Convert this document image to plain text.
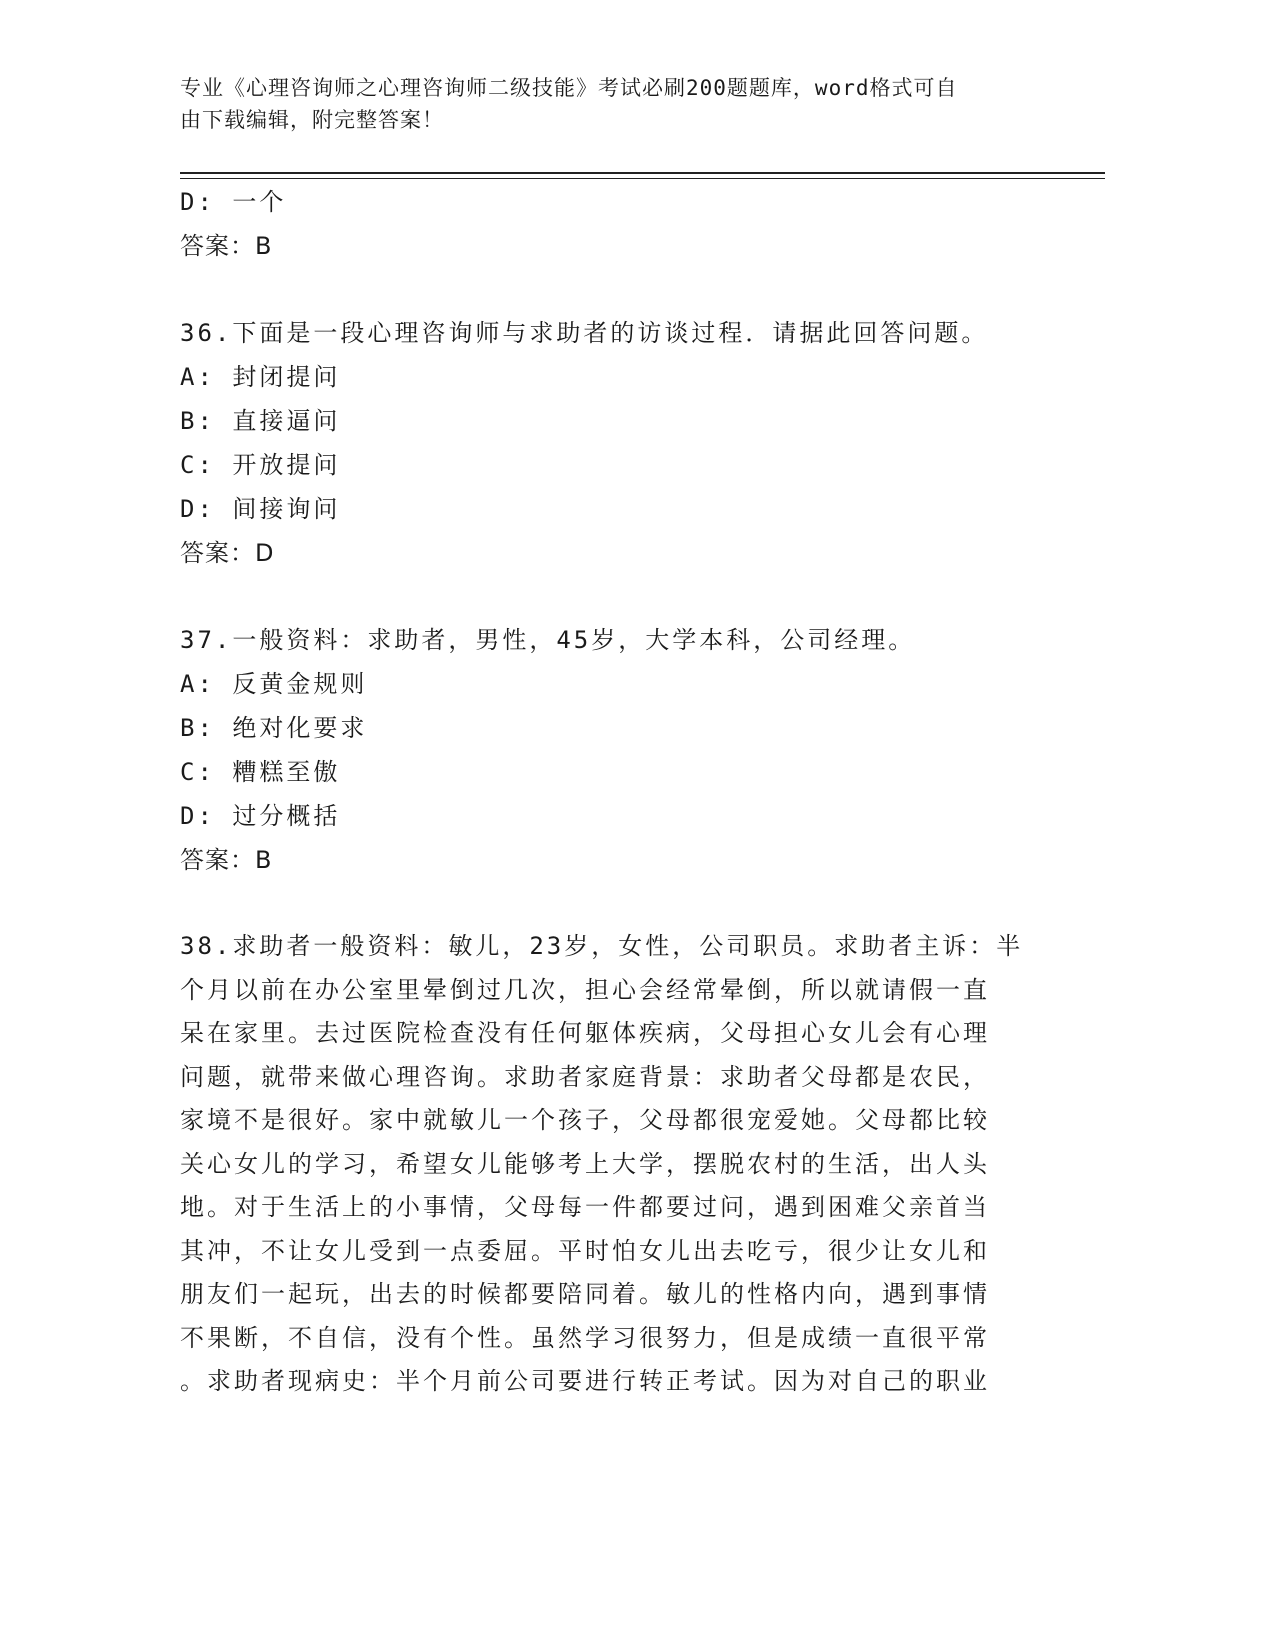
专业《心理咨询师之心理咨询师二级技能》考试必刷200题题库，word格式可自
由下载编辑，附完整答案！
D: 一个
答案：B
36.下面是一段心理咨询师与求助者的访谈过程．请据此回答问题。
A: 封闭提问
B: 直接逼问
C: 开放提问
D: 间接询问
答案：D
37.一般资料：求助者，男性，45岁，大学本科，公司经理。
A: 反黄金规则
B: 绝对化要求
C: 糟糕至傲
D: 过分概括
答案：B
38.求助者一般资料：敏儿，23岁，女性，公司职员。求助者主诉：半
个月以前在办公室里晕倒过几次，担心会经常晕倒，所以就请假一直
呆在家里。去过医院检查没有任何躯体疾病，父母担心女儿会有心理
问题，就带来做心理咨询。求助者家庭背景：求助者父母都是农民，
家境不是很好。家中就敏儿一个孩子，父母都很宠爱她。父母都比较
关心女儿的学习，希望女儿能够考上大学，摆脱农村的生活，出人头
地。对于生活上的小事情，父母每一件都要过问，遇到困难父亲首当
其冲，不让女儿受到一点委屈。平时怕女儿出去吃亏，很少让女儿和
朋友们一起玩，出去的时候都要陪同着。敏儿的性格内向，遇到事情
不果断，不自信，没有个性。虽然学习很努力，但是成绩一直很平常
。求助者现病史：半个月前公司要进行转正考试。因为对自己的职业
